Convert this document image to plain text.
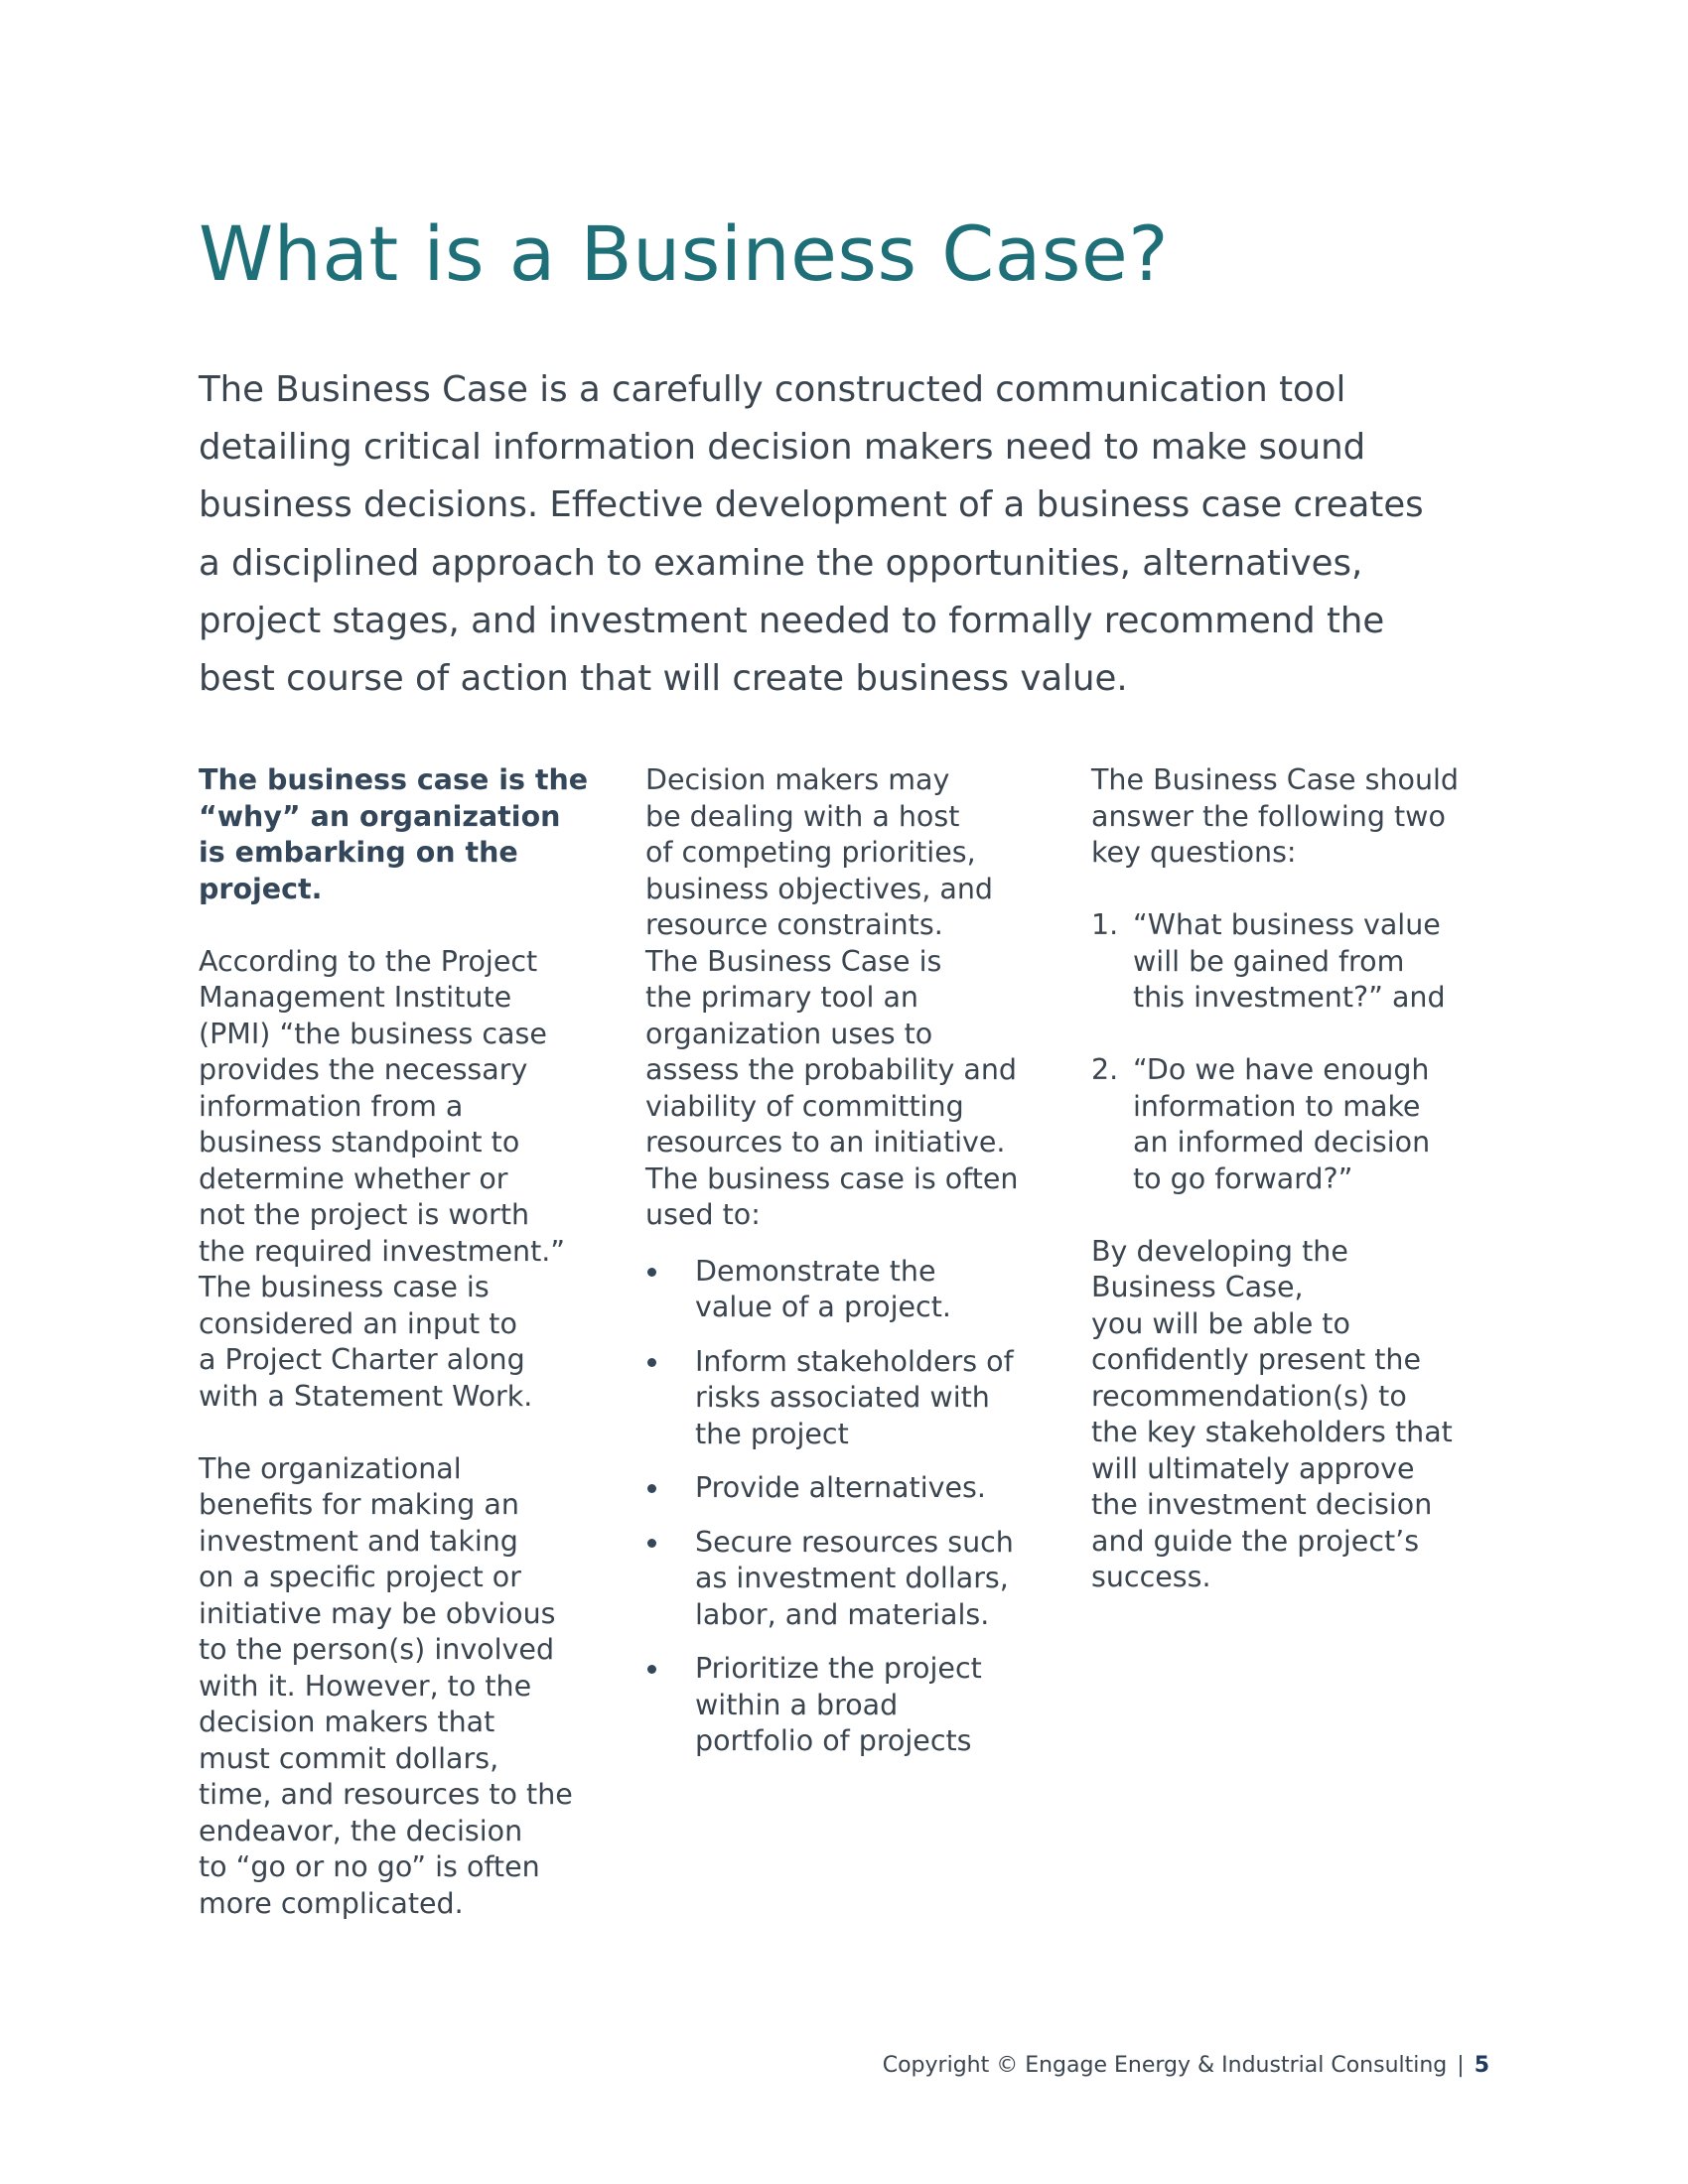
What is a Business Case?

The Business Case is a carefully constructed communication tool
detailing critical information decision makers need to make sound
business decisions. Effective development of a business case creates
a disciplined approach to examine the opportunities, alternatives,
project stages, and investment needed to formally recommend the
best course of action that will create business value.

The business case is the
“why” an organization
is embarking on the
project.
According to the Project
Management Institute
(PMI) “the business case
provides the necessary
information from a
business standpoint to
determine whether or
not the project is worth
the required investment.”
The business case is
considered an input to
a Project Charter along
with a Statement Work.
The organizational
benefits for making an
investment and taking
on a specific project or
initiative may be obvious
to the person(s) involved
with it. However, to the
decision makers that
must commit dollars,
time, and resources to the
endeavor, the decision
to “go or no go” is often
more complicated.
Decision makers may
be dealing with a host
of competing priorities,
business objectives, and
resource constraints.
The Business Case is
the primary tool an
organization uses to
assess the probability and
viability of committing
resources to an initiative.
The business case is often
used to:
Demonstrate the
value of a project.
Inform stakeholders of
risks associated with
the project
Provide alternatives.
Secure resources such
as investment dollars,
labor, and materials.
Prioritize the project
within a broad
portfolio of projects
The Business Case should
answer the following two
key questions:
1. “What business value
will be gained from
this investment?” and
2. “Do we have enough
information to make
an informed decision
to go forward?”
By developing the
Business Case,
you will be able to
confidently present the
recommendation(s) to
the key stakeholders that
will ultimately approve
the investment decision
and guide the project’s
success.
Copyright © Engage Energy & Industrial Consulting | 5
